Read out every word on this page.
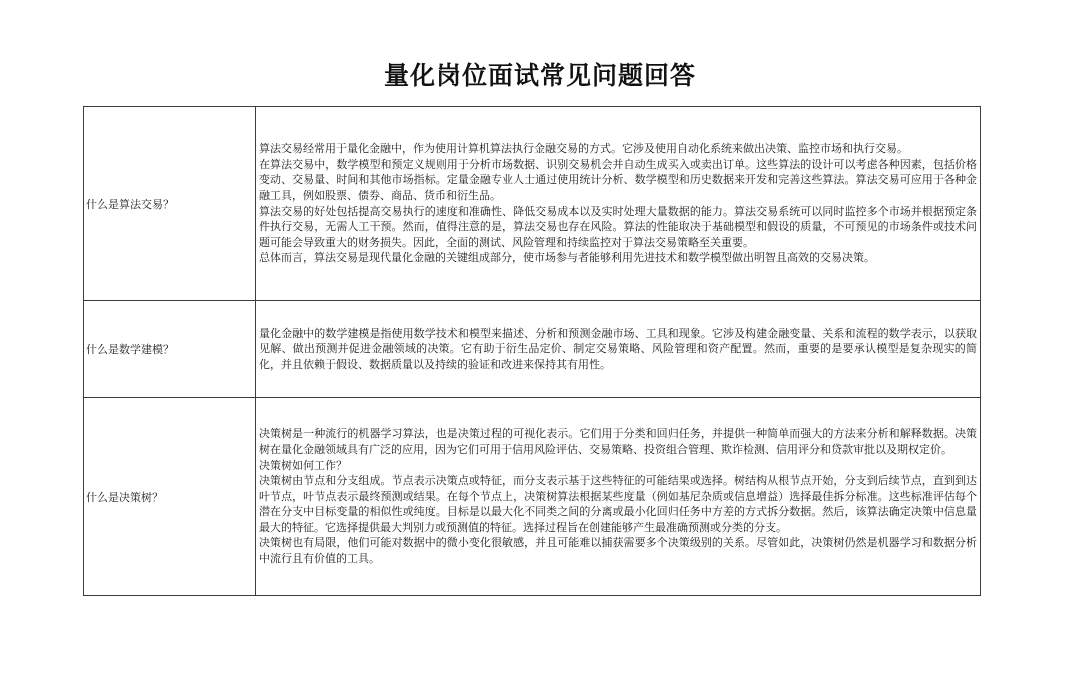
量化岗位面试常见问题回答
什么是算法交易？	算法交易经常用于量化金融中，作为使用计算机算法执行金融交易的方式。它涉及使用自动化系统来做出决策、监控市场和执行交易。
在算法交易中，数学模型和预定义规则用于分析市场数据、识别交易机会并自动生成买入或卖出订单。这些算法的设计可以考虑各种因素，包括价格变动、交易量、时间和其他市场指标。定量金融专业人士通过使用统计分析、数学模型和历史数据来开发和完善这些算法。算法交易可应用于各种金融工具，例如股票、债券、商品、货币和衍生品。
算法交易的好处包括提高交易执行的速度和准确性、降低交易成本以及实时处理大量数据的能力。算法交易系统可以同时监控多个市场并根据预定条件执行交易，无需人工干预。然而，值得注意的是，算法交易也存在风险。算法的性能取决于基础模型和假设的质量，不可预见的市场条件或技术问题可能会导致重大的财务损失。因此，全面的测试、风险管理和持续监控对于算法交易策略至关重要。
总体而言，算法交易是现代量化金融的关键组成部分，使市场参与者能够利用先进技术和数学模型做出明智且高效的交易决策。

什么是数学建模？	量化金融中的数学建模是指使用数学技术和模型来描述、分析和预测金融市场、工具和现象。它涉及构建金融变量、关系和流程的数学表示，以获取见解、做出预测并促进金融领域的决策。它有助于衍生品定价、制定交易策略、风险管理和资产配置。然而，重要的是要承认模型是复杂现实的简化，并且依赖于假设、数据质量以及持续的验证和改进来保持其有用性。

什么是决策树？	决策树是一种流行的机器学习算法，也是决策过程的可视化表示。它们用于分类和回归任务，并提供一种简单而强大的方法来分析和解释数据。决策树在量化金融领域具有广泛的应用，因为它们可用于信用风险评估、交易策略、投资组合管理、欺诈检测、信用评分和贷款审批以及期权定价。
决策树如何工作？
决策树由节点和分支组成。节点表示决策点或特征，而分支表示基于这些特征的可能结果或选择。树结构从根节点开始，分支到后续节点，直到到达叶节点，叶节点表示最终预测或结果。在每个节点上，决策树算法根据某些度量（例如基尼杂质或信息增益）选择最佳拆分标准。这些标准评估每个潜在分支中目标变量的相似性或纯度。目标是以最大化不同类之间的分离或最小化回归任务中方差的方式拆分数据。然后，该算法确定决策中信息量最大的特征。它选择提供最大判别力或预测值的特征。选择过程旨在创建能够产生最准确预测或分类的分支。
决策树也有局限，他们可能对数据中的微小变化很敏感，并且可能难以捕获需要多个决策级别的关系。尽管如此，决策树仍然是机器学习和数据分析中流行且有价值的工具。
